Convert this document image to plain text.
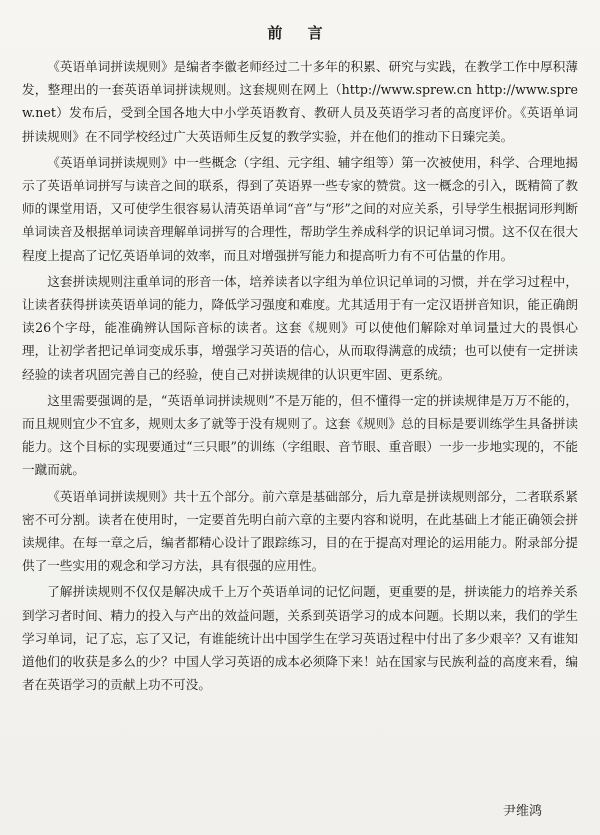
前 言

《英语单词拼读规则》是编者李徽老师经过二十多年的积累、研究与实践，在教学工作中厚积薄发，整理出的一套英语单词拼读规则。这套规则在网上（http://www.sprew.cn http://www.sprew.net）发布后，受到全国各地大中小学英语教育、教研人员及英语学习者的高度评价。《英语单词拼读规则》在不同学校经过广大英语师生反复的教学实验，并在他们的推动下日臻完美。

《英语单词拼读规则》中一些概念（字组、元字组、辅字组等）第一次被使用，科学、合理地揭示了英语单词拼写与读音之间的联系，得到了英语界一些专家的赞赏。这一概念的引入，既精简了教师的课堂用语，又可使学生很容易认清英语单词“音”与“形”之间的对应关系，引导学生根据词形判断单词读音及根据单词读音理解单词拼写的合理性，帮助学生养成科学的识记单词习惯。这不仅在很大程度上提高了记忆英语单词的效率，而且对增强拼写能力和提高听力有不可估量的作用。

这套拼读规则注重单词的形音一体，培养读者以字组为单位识记单词的习惯，并在学习过程中，让读者获得拼读英语单词的能力，降低学习强度和难度。尤其适用于有一定汉语拼音知识，能正确朗读26个字母，能准确辨认国际音标的读者。这套《规则》可以使他们解除对单词量过大的畏惧心理，让初学者把记单词变成乐事，增强学习英语的信心，从而取得满意的成绩；也可以使有一定拼读经验的读者巩固完善自己的经验，使自己对拼读规律的认识更牢固、更系统。

这里需要强调的是，“英语单词拼读规则”不是万能的，但不懂得一定的拼读规律是万万不能的，而且规则宜少不宜多，规则太多了就等于没有规则了。这套《规则》总的目标是要训练学生具备拼读能力。这个目标的实现要通过“三只眼”的训练（字组眼、音节眼、重音眼）一步一步地实现的，不能一蹴而就。

《英语单词拼读规则》共十五个部分。前六章是基础部分，后九章是拼读规则部分，二者联系紧密不可分割。读者在使用时，一定要首先明白前六章的主要内容和说明，在此基础上才能正确领会拼读规律。在每一章之后，编者都精心设计了跟踪练习，目的在于提高对理论的运用能力。附录部分提供了一些实用的观念和学习方法，具有很强的应用性。

了解拼读规则不仅仅是解决成千上万个英语单词的记忆问题，更重要的是，拼读能力的培养关系到学习者时间、精力的投入与产出的效益问题，关系到英语学习的成本问题。长期以来，我们的学生学习单词，记了忘，忘了又记，有谁能统计出中国学生在学习英语过程中付出了多少艰辛？又有谁知道他们的收获是多么的少？中国人学习英语的成本必须降下来！站在国家与民族利益的高度来看，编者在英语学习的贡献上功不可没。

尹维鸿
